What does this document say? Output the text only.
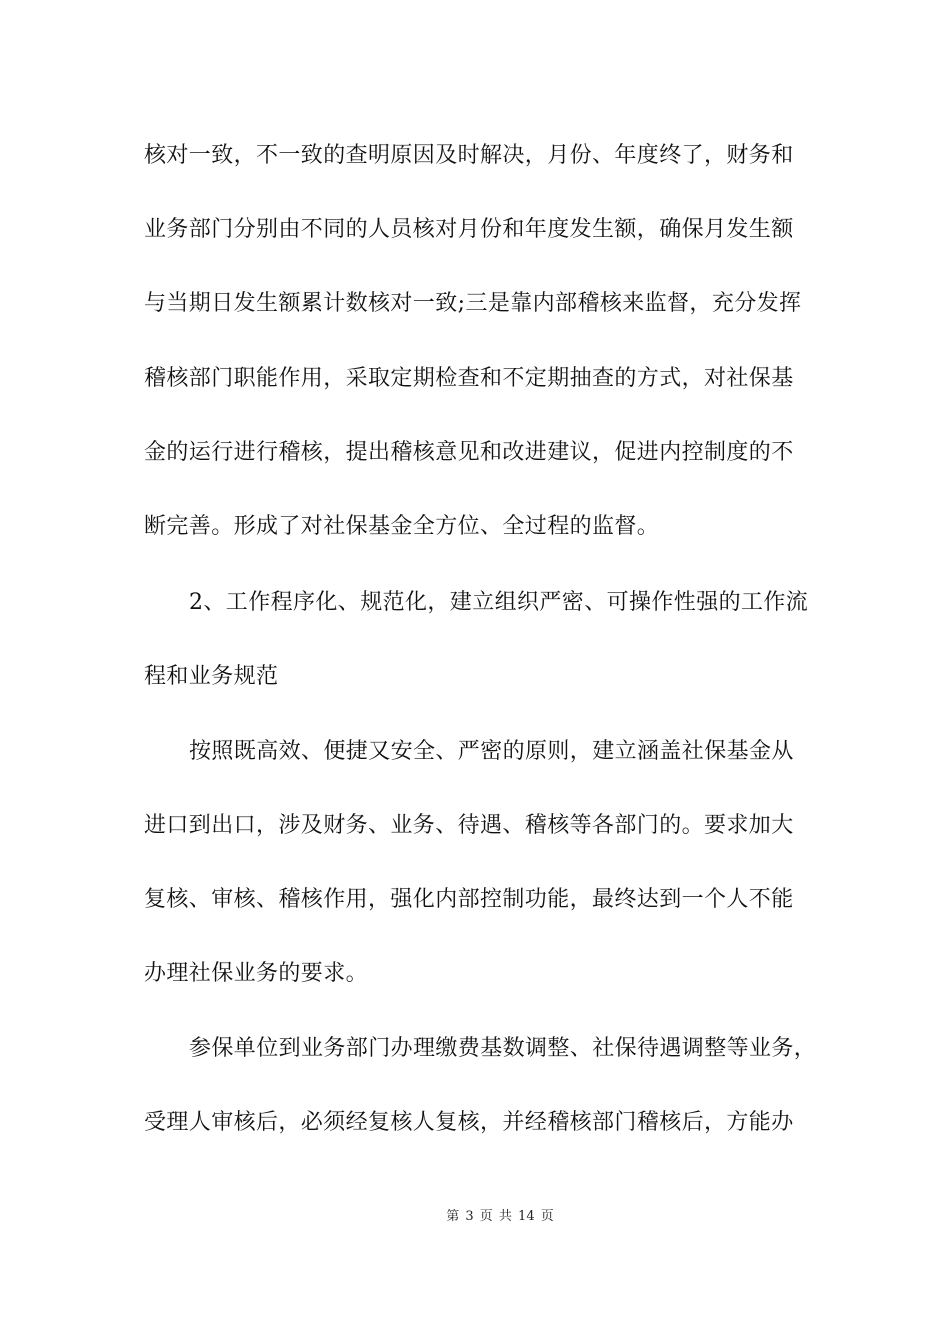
核对一致，不一致的查明原因及时解决，月份、年度终了，财务和
业务部门分别由不同的人员核对月份和年度发生额，确保月发生额
与当期日发生额累计数核对一致;三是靠内部稽核来监督，充分发挥
稽核部门职能作用，采取定期检查和不定期抽查的方式，对社保基
金的运行进行稽核，提出稽核意见和改进建议，促进内控制度的不
断完善。形成了对社保基金全方位、全过程的监督。
2、工作程序化、规范化，建立组织严密、可操作性强的工作流
程和业务规范
按照既高效、便捷又安全、严密的原则，建立涵盖社保基金从
进口到出口，涉及财务、业务、待遇、稽核等各部门的。要求加大
复核、审核、稽核作用，强化内部控制功能，最终达到一个人不能
办理社保业务的要求。
参保单位到业务部门办理缴费基数调整、社保待遇调整等业务，
受理人审核后，必须经复核人复核，并经稽核部门稽核后，方能办
第 3 页 共 14 页
